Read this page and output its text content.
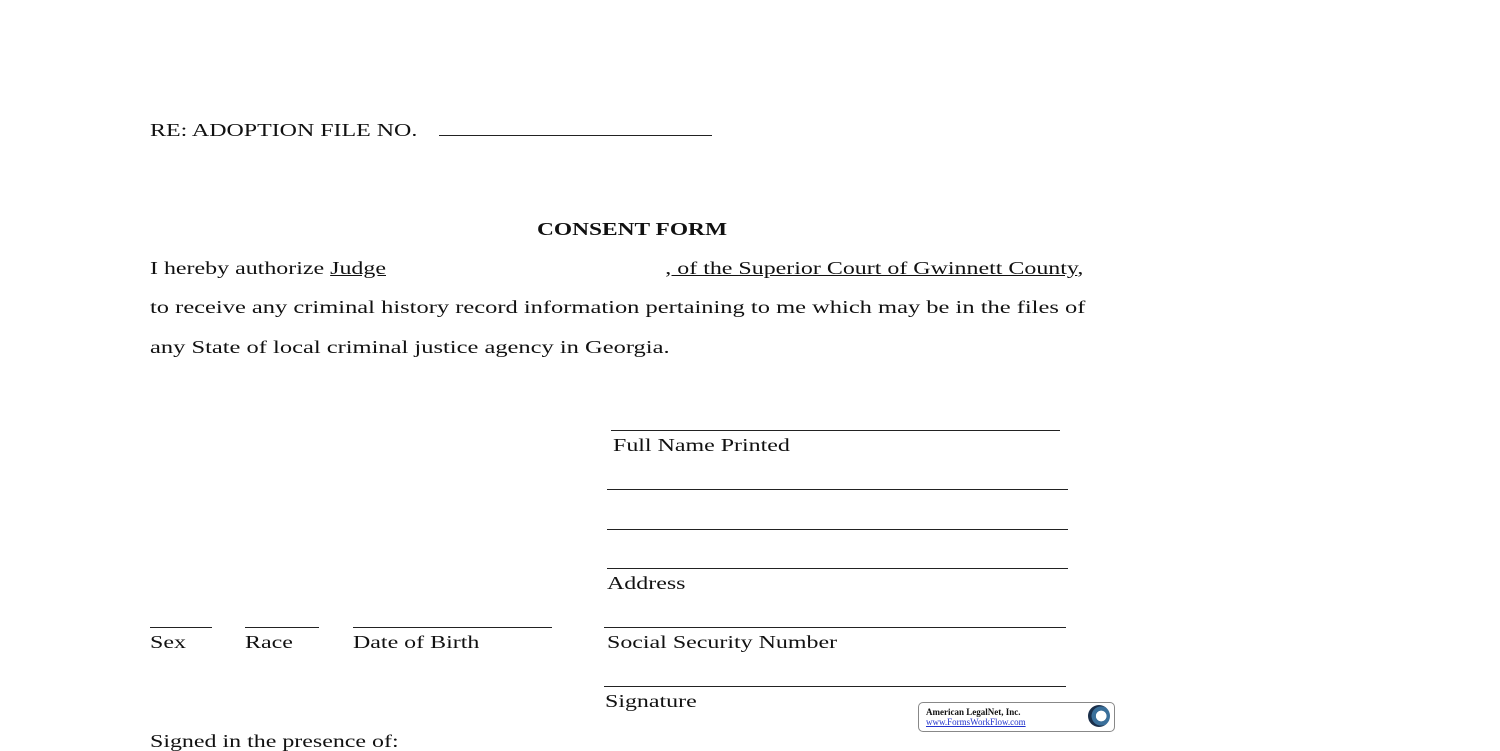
RE: ADOPTION FILE NO.
CONSENT FORM
I hereby authorize Judge	, of the Superior Court of Gwinnett County,
to receive any criminal history record information pertaining to me which may be in the files of
any State of local criminal justice agency in Georgia.
Full Name Printed
Address
Sex	Race	Date of Birth	Social Security Number
Signature
Signed in the presence of:
American LegalNet, Inc.
www.FormsWorkFlow.com
